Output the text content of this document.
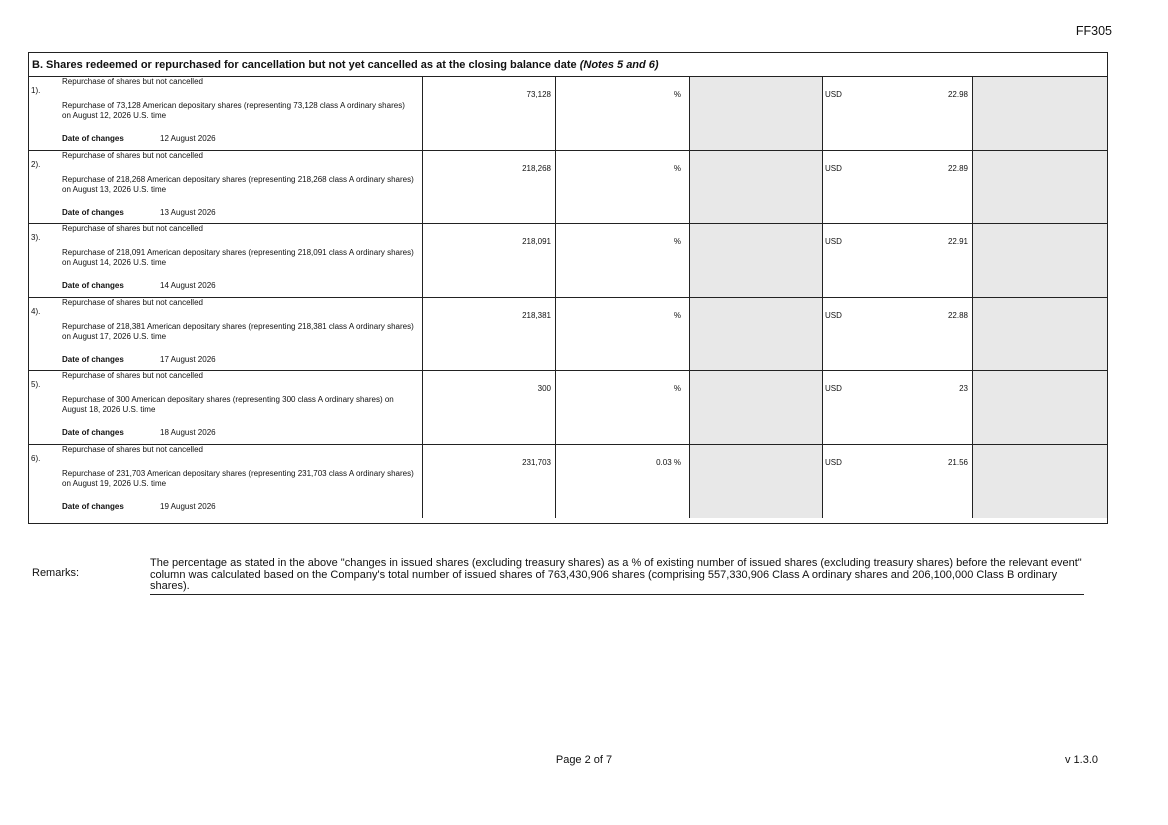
FF305
B. Shares redeemed or repurchased for cancellation but not yet cancelled as at the closing balance date (Notes 5 and 6)
1).
Repurchase of shares but not cancelled
Repurchase of 73,128 American depositary shares (representing 73,128 class A ordinary shares) on August 12, 2026 U.S. time
Date of changes	12 August 2026
73,128	%	USD	22.98
2).
Repurchase of shares but not cancelled
Repurchase of 218,268 American depositary shares (representing 218,268 class A ordinary shares) on August 13, 2026 U.S. time
Date of changes	13 August 2026
218,268	%	USD	22.89
3).
Repurchase of shares but not cancelled
Repurchase of 218,091 American depositary shares (representing 218,091 class A ordinary shares) on August 14, 2026 U.S. time
Date of changes	14 August 2026
218,091	%	USD	22.91
4).
Repurchase of shares but not cancelled
Repurchase of 218,381 American depositary shares (representing 218,381 class A ordinary shares) on August 17, 2026 U.S. time
Date of changes	17 August 2026
218,381	%	USD	22.88
5).
Repurchase of shares but not cancelled
Repurchase of 300 American depositary shares (representing 300 class A ordinary shares) on August 18, 2026 U.S. time
Date of changes	18 August 2026
300	%	USD	23
6).
Repurchase of shares but not cancelled
Repurchase of 231,703 American depositary shares (representing 231,703 class A ordinary shares) on August 19, 2026 U.S. time
Date of changes	19 August 2026
231,703	0.03 %	USD	21.56
Remarks:
The percentage as stated in the above "changes in issued shares (excluding treasury shares) as a % of existing number of issued shares (excluding treasury shares) before the relevant event" column was calculated based on the Company's total number of issued shares of 763,430,906 shares (comprising 557,330,906 Class A ordinary shares and 206,100,000 Class B ordinary shares).
Page 2 of 7	v 1.3.0
